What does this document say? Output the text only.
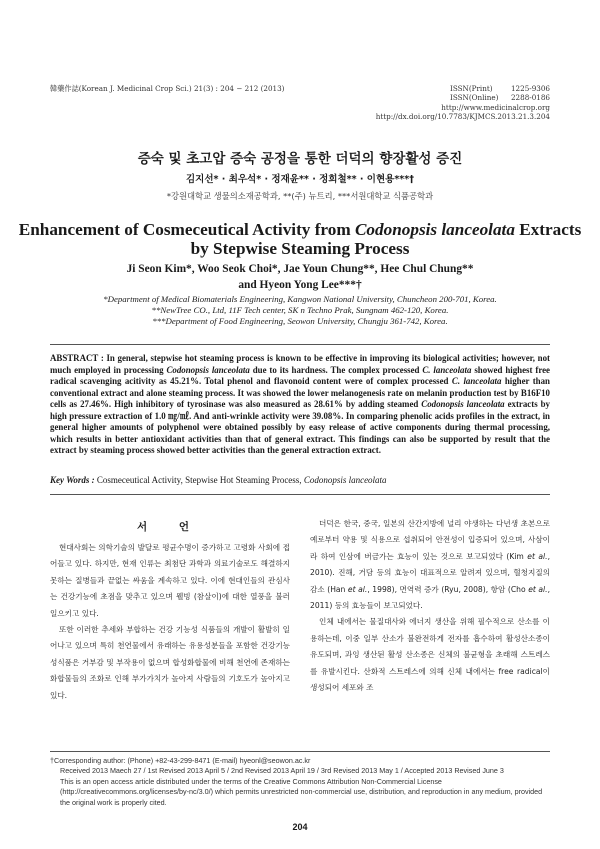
韓藥作誌(Korean J. Medicinal Crop Sci.) 21(3) : 204 − 212 (2013)	ISSN(Print)	1225-9306
ISSN(Online)	2288-0186
http://www.medicinalcrop.org
http://dx.doi.org/10.7783/KJMCS.2013.21.3.204
증숙 및 초고압 증숙 공정을 통한 더덕의 향장활성 증진
김지선* · 최우석* · 정재윤** · 정희철** · 이현용***†
*강원대학교 생물의소재공학과, **(주) 뉴트리, ***서원대학교 식품공학과
Enhancement of Cosmeceutical Activity from Codonopsis lanceolata Extracts
by Stepwise Steaming Process
Ji Seon Kim*, Woo Seok Choi*, Jae Youn Chung**, Hee Chul Chung**
and Hyeon Yong Lee***†
*Department of Medical Biomaterials Engineering, Kangwon National University, Chuncheon 200-701, Korea.
**NewTree CO., Ltd, 11F Tech center, SK n Techno Prak, Sungnam 462-120, Korea.
***Department of Food Engineering, Seowon University, Chungju 361-742, Korea.
ABSTRACT : In general, stepwise hot steaming process is known to be effective in improving its biological activities; however, not much employed in processing Codonopsis lanceolata due to its hardness. The complex processed C. lanceolata showed highest free radical scavenging acitivity as 45.21%. Total phenol and flavonoid content were of complex processed C. lanceolata higher than conventional extract and alone steaming process. It was showed the lower melanogenesis rate on melanin production test by B16F10 cells as 27.46%. High inhibitory of tyrosinase was also measured as 28.61% by adding steamed Codonopsis lanceolata extracts by high pressure extraction of 1.0 ㎎/㎖. And anti-wrinkle activity were 39.08%. In comparing phenolic acids profiles in the extract, in general higher amounts of polyphenol were obtained possibly by easy release of active components during thermal processing, which results in better antioxidant activities than that of general extract. This findings can also be supported by result that the extract by steaming process showed better activities than the general extraction extract.
Key Words : Cosmeceutical Activity, Stepwise Hot Steaming Process, Codonopsis lanceolata
서 언

현대사회는 의학기술의 발달로 평균수명이 증가하고 고령화 사회에 접어들고 있다. 하지만, 현재 인류는 최첨단 과학과 의료기술로도 해결하지 못하는 질병들과 끝없는 싸움을 계속하고 있다. 이에 현대인들의 관심사는 건강기능에 초점을 맞추고 있으며 웰빙 (참살이)에 대한 열풍을 불러일으키고 있다.

또한 이러한 추세와 부합하는 건강 기능성 식품들의 개발이 활발히 일어나고 있으며 특히 천연물에서 유래하는 유용성분들을 포함한 건강기능성식품은 거부감 및 부작용이 없으며 합성화합물에 비해 천연에 존재하는 화합물들의 조화로 인해 부가가치가 높아져 사람들의 기호도가 높아지고 있다.

더덕은 한국, 중국, 일본의 산간지방에 널리 야생하는 다년생 초본으로 예로부터 약용 및 식용으로 섭취되어 안전성이 입증되어 있으며, 사삼이라 하여 인삼에 버금가는 효능이 있는 것으로 보고되었다 (Kim et al., 2010). 진해, 거담 등의 효능이 대표적으로 알려져 있으며, 혈청지질의 감소 (Han et al., 1998), 면역력 증가 (Ryu, 2008), 항암 (Cho et al., 2011) 등의 효능들이 보고되었다.

인체 내에서는 물질대사와 에너지 생산을 위해 필수적으로 산소를 이용하는데, 이중 일부 산소가 불완전하게 전자를 흡수하여 활성산소종이 유도되며, 과잉 생산된 활성 산소종은 신체의 불균형을 초래해 스트레스를 유발시킨다. 산화적 스트레스에 의해 신체 내에서는 free radical이 생성되어 세포와 조

†Corresponding author: (Phone) +82-43-299-8471 (E-mail) hyeonl@seowon.ac.kr
Received 2013 Maech 27 / 1st Revised 2013 April 5 / 2nd Revised 2013 April 19 / 3rd Revised 2013 May 1 / Accepted 2013 Revised June 3
This is an open access article distributed under the terms of the Creative Commons Attribution Non-Commercial License (http://creativecommons.org/licenses/by-nc/3.0/) which permits unrestricted non-commercial use, distribution, and reproduction in any medium, provided the original work is properly cited.
204
